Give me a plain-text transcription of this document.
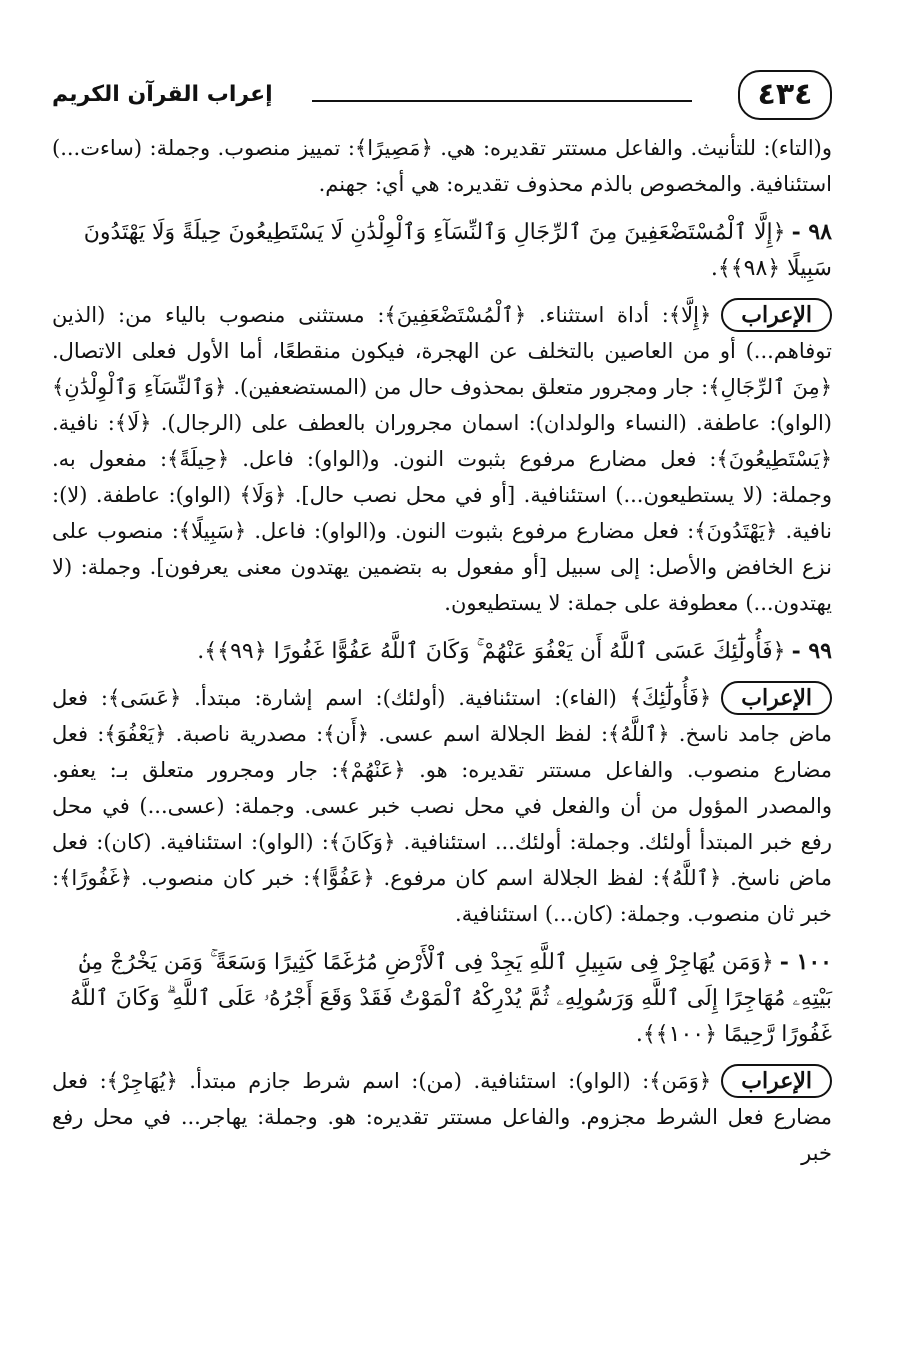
٤٣٤
إعراب القرآن الكريم

و(التاء): للتأنيث. والفاعل مستتر تقديره: هي. ﴿مَصِيرًا﴾: تمييز منصوب. وجملة: (ساءت...) استئنافية. والمخصوص بالذم محذوف تقديره: هي أي: جهنم.

٩٨ -﴿إِلَّا ٱلْمُسْتَضْعَفِينَ مِنَ ٱلرِّجَالِ وَٱلنِّسَآءِ وَٱلْوِلْدَٰنِ لَا يَسْتَطِيعُونَ حِيلَةً وَلَا يَهْتَدُونَ سَبِيلًا ﴿٩٨﴾﴾.

الإعراب﴿إِلَّا﴾: أداة استثناء. ﴿ٱلْمُسْتَضْعَفِينَ﴾: مستثنى منصوب بالياء من: (الذين توفاهم...) أو من العاصين بالتخلف عن الهجرة، فيكون منقطعًا، أما الأول فعلى الاتصال. ﴿مِنَ ٱلرِّجَالِ﴾: جار ومجرور متعلق بمحذوف حال من (المستضعفين). ﴿وَٱلنِّسَآءِ وَٱلْوِلْدَٰنِ﴾ (الواو): عاطفة. (النساء والولدان): اسمان مجروران بالعطف على (الرجال). ﴿لَا﴾: نافية. ﴿يَسْتَطِيعُونَ﴾: فعل مضارع مرفوع بثبوت النون. و(الواو): فاعل. ﴿حِيلَةً﴾: مفعول به. وجملة: (لا يستطيعون...) استئنافية. [أو في محل نصب حال]. ﴿وَلَا﴾ (الواو): عاطفة. (لا): نافية. ﴿يَهْتَدُونَ﴾: فعل مضارع مرفوع بثبوت النون. و(الواو): فاعل. ﴿سَبِيلًا﴾: منصوب على نزع الخافض والأصل: إلى سبيل [أو مفعول به بتضمين يهتدون معنى يعرفون]. وجملة: (لا يهتدون...) معطوفة على جملة: لا يستطيعون.

٩٩ -﴿فَأُولَٰٓئِكَ عَسَى ٱللَّهُ أَن يَعْفُوَ عَنْهُمْ ۚ وَكَانَ ٱللَّهُ عَفُوًّا غَفُورًا ﴿٩٩﴾﴾.

الإعراب﴿فَأُولَٰٓئِكَ﴾ (الفاء): استئنافية. (أولئك): اسم إشارة: مبتدأ. ﴿عَسَى﴾: فعل ماض جامد ناسخ. ﴿ٱللَّهُ﴾: لفظ الجلالة اسم عسى. ﴿أَن﴾: مصدرية ناصبة. ﴿يَعْفُوَ﴾: فعل مضارع منصوب. والفاعل مستتر تقديره: هو. ﴿عَنْهُمْ﴾: جار ومجرور متعلق بـ: يعفو. والمصدر المؤول من أن والفعل في محل نصب خبر عسى. وجملة: (عسى...) في محل رفع خبر المبتدأ أولئك. وجملة: أولئك... استئنافية. ﴿وَكَانَ﴾: (الواو): استئنافية. (كان): فعل ماض ناسخ. ﴿ٱللَّهُ﴾: لفظ الجلالة اسم كان مرفوع. ﴿عَفُوًّا﴾: خبر كان منصوب. ﴿غَفُورًا﴾: خبر ثان منصوب. وجملة: (كان...) استئنافية.

١٠٠ -﴿وَمَن يُهَاجِرْ فِى سَبِيلِ ٱللَّهِ يَجِدْ فِى ٱلْأَرْضِ مُرَٰغَمًا كَثِيرًا وَسَعَةً ۚ وَمَن يَخْرُجْ مِنۢ بَيْتِهِۦ مُهَاجِرًا إِلَى ٱللَّهِ وَرَسُولِهِۦ ثُمَّ يُدْرِكْهُ ٱلْمَوْتُ فَقَدْ وَقَعَ أَجْرُهُۥ عَلَى ٱللَّهِ ۗ وَكَانَ ٱللَّهُ غَفُورًا رَّحِيمًا ﴿١٠٠﴾﴾.

الإعراب﴿وَمَن﴾: (الواو): استئنافية. (من): اسم شرط جازم مبتدأ. ﴿يُهَاجِرْ﴾: فعل مضارع فعل الشرط مجزوم. والفاعل مستتر تقديره: هو. وجملة: يهاجر... في محل رفع خبر
